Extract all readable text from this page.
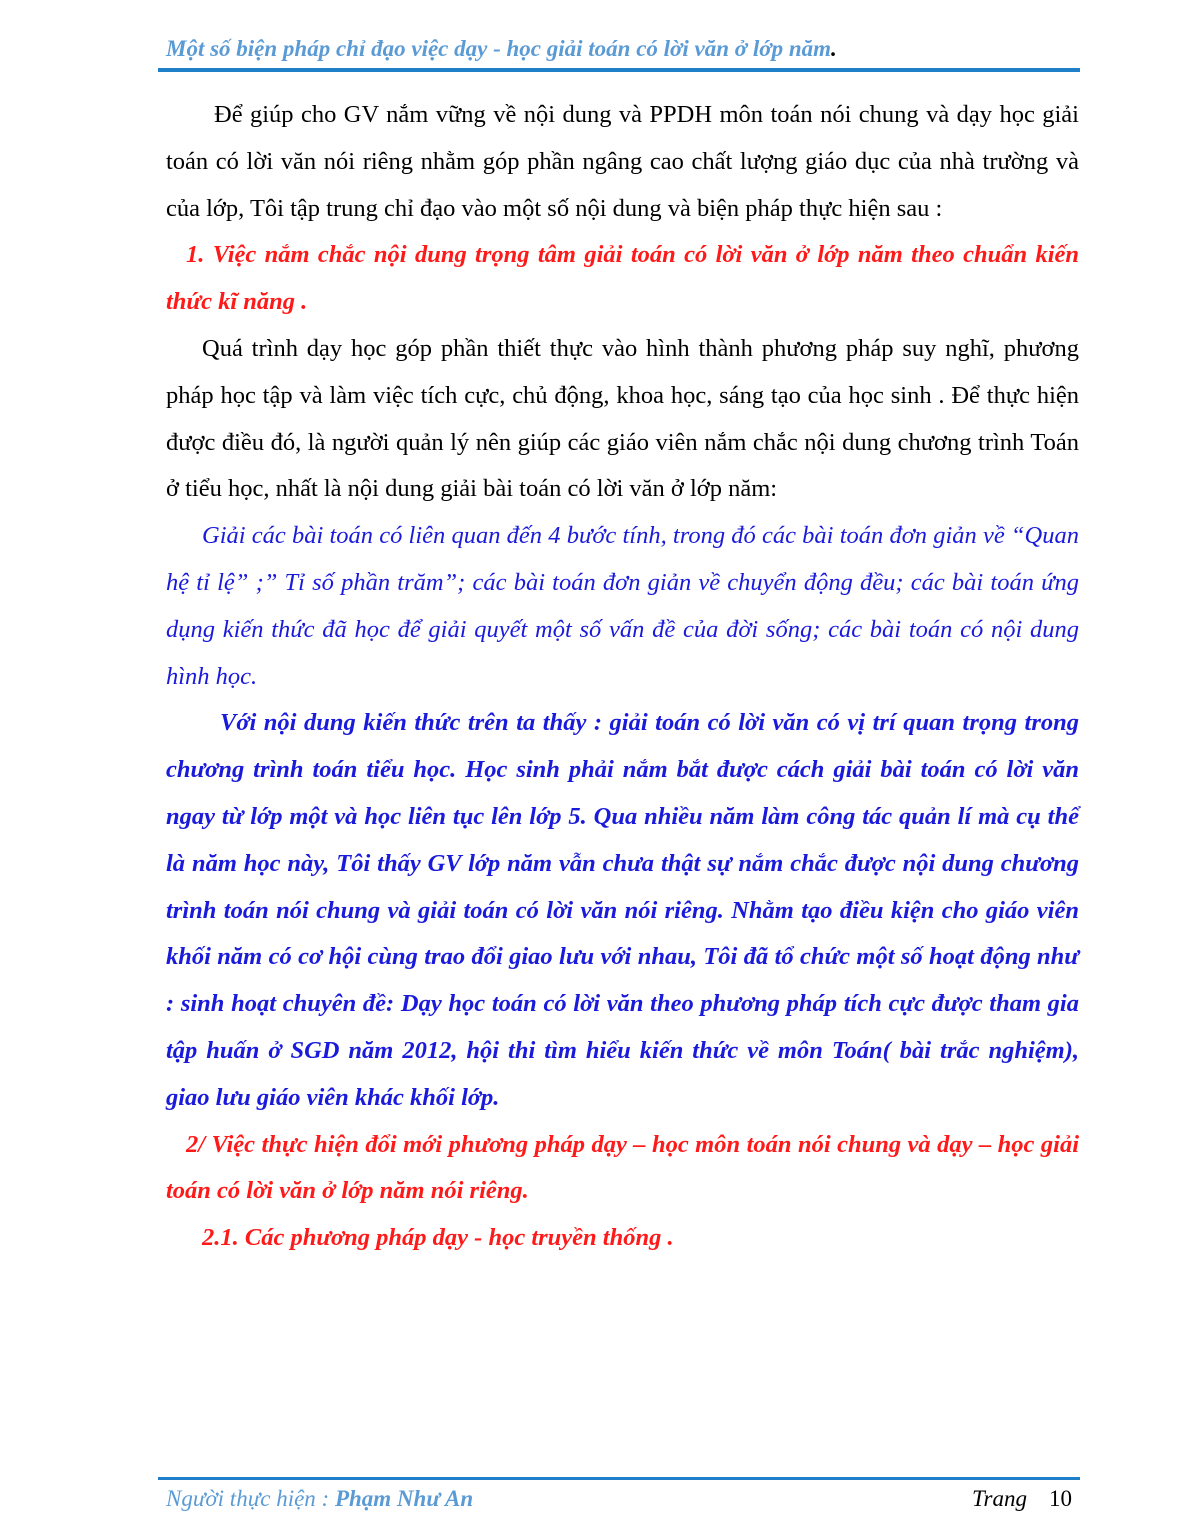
Một số biện pháp chỉ đạo việc dạy - học giải toán có lời văn ở lớp năm.

Để giúp cho GV nắm vững về nội dung và PPDH môn toán nói chung và dạy học giải toán có lời văn nói riêng nhằm góp phần ngâng cao chất lượng giáo dục của nhà trường và của lớp, Tôi tập trung chỉ đạo vào một số nội dung và biện pháp thực hiện sau :

1. Việc nắm chắc nội dung trọng tâm giải toán có lời văn ở lớp năm theo chuẩn kiến thức kĩ năng .

Quá trình dạy học góp phần thiết thực vào hình thành phương pháp suy nghĩ, phương pháp học tập và làm việc tích cực, chủ động, khoa học, sáng tạo của học sinh . Để thực hiện được điều đó, là người quản lý nên giúp các giáo viên nắm chắc nội dung chương trình Toán ở tiểu học, nhất là nội dung giải bài toán có lời văn ở lớp năm:

Giải các bài toán có liên quan đến 4 bước tính, trong đó các bài toán đơn giản về “Quan hệ tỉ lệ” ;” Tỉ số phần trăm”; các bài toán đơn giản về chuyển động đều; các bài toán ứng dụng kiến thức đã học để giải quyết một số vấn đề của đời sống; các bài toán có nội dung hình học.

Với nội dung kiến thức trên ta thấy : giải toán có lời văn có vị trí quan trọng trong chương trình toán tiểu học. Học sinh phải nắm bắt được cách giải bài toán có lời văn ngay từ lớp một và học liên tục lên lớp 5. Qua nhiều năm làm công tác quản lí mà cụ thể là năm học này, Tôi thấy GV lớp năm vẫn chưa thật sự nắm chắc được nội dung chương trình toán nói chung và giải toán có lời văn nói riêng. Nhằm tạo điều kiện cho giáo viên khối năm có cơ hội cùng trao đổi giao lưu với nhau, Tôi đã tổ chức một số hoạt động như : sinh hoạt chuyên đề: Dạy học toán có lời văn theo phương pháp tích cực được tham gia tập huấn ở SGD năm 2012, hội thi tìm hiểu kiến thức về môn Toán( bài trắc nghiệm), giao lưu giáo viên khác khối lớp.

2/ Việc thực hiện đổi mới phương pháp dạy – học môn toán nói chung và dạy – học giải toán có lời văn ở lớp năm nói riêng.

2.1. Các phương pháp dạy - học truyền thống .

Người thực hiện : Phạm Như An	Trang 10
